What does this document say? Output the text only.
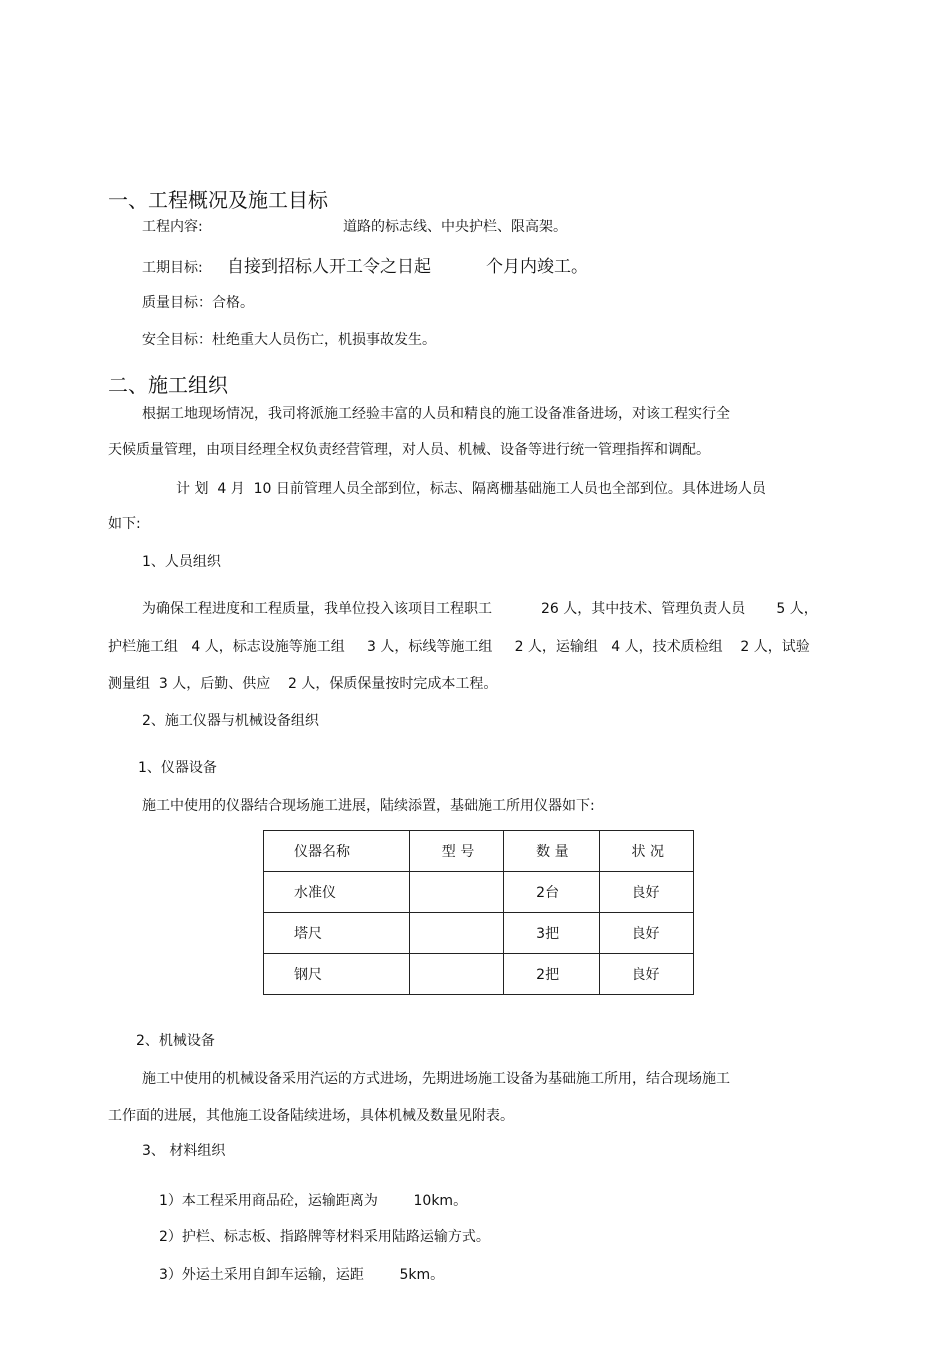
一、工程概况及施工目标
工程内容:	道路的标志线、中央护栏、限高架。
工期目标: 自接到招标人开工令之日起	个月内竣工。
质量目标：合格。
安全目标：杜绝重大人员伤亡，机损事故发生。
二、施工组织
根据工地现场情况，我司将派施工经验丰富的人员和精良的施工设备准备进场，对该工程实行全
天候质量管理，由项目经理全权负责经营管理，对人员、机械、设备等进行统一管理指挥和调配。
计 划  4 月  10 日前管理人员全部到位，标志、隔离栅基础施工人员也全部到位。具体进场人员
如下:
1、人员组织
为确保工程进度和工程质量，我单位投入该项目工程职工           26 人，其中技术、管理负责人员       5 人，
护栏施工组   4 人，标志设施等施工组     3 人，标线等施工组     2 人，运输组   4 人，技术质检组    2 人，试验
测量组  3 人，后勤、供应    2 人，保质保量按时完成本工程。
2、施工仪器与机械设备组织
1、仪器设备
施工中使用的仪器结合现场施工进展，陆续添置，基础施工所用仪器如下:
仪器名称	型 号	数 量	状 况

水准仪		2台	良好

塔尺		3把	良好

钢尺		2把	良好
2、机械设备
施工中使用的机械设备采用汽运的方式进场，先期进场施工设备为基础施工所用，结合现场施工
工作面的进展，其他施工设备陆续进场，具体机械及数量见附表。
3、 材料组织
1）本工程采用商品砼，运输距离为        10km。
2）护栏、标志板、指路牌等材料采用陆路运输方式。
3）外运土采用自卸车运输，运距        5km。
